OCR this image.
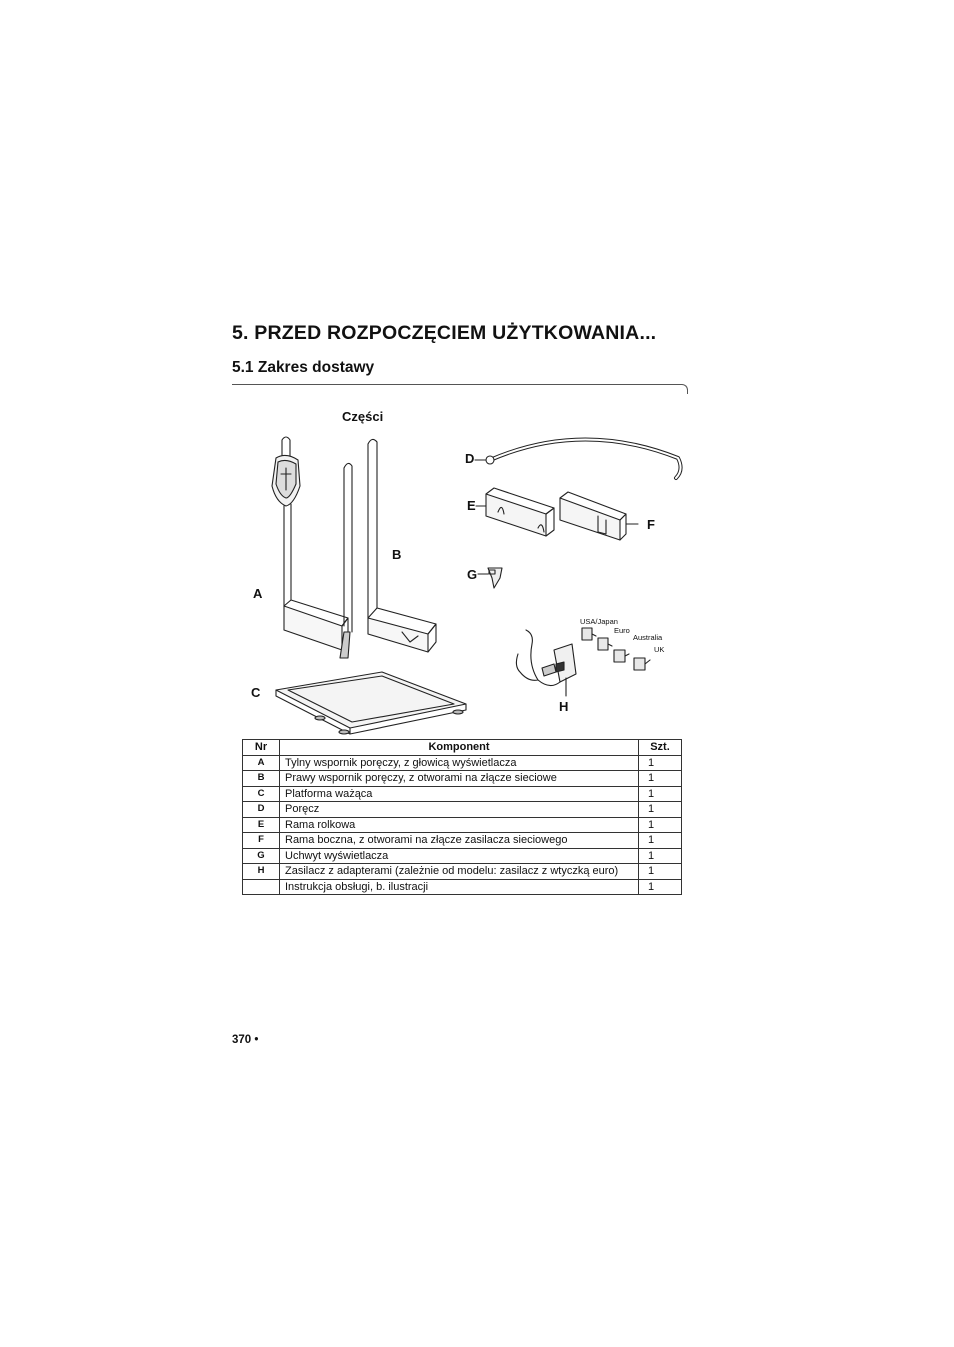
5. PRZED ROZPOCZĘCIEM UŻYTKOWANIA...
5.1 Zakres dostawy
Części
A
B
C
D
E
F
G
H
USA/Japan
Euro
Australia
UK
Nr	Komponent	Szt.
A	Tylny wspornik poręczy, z głowicą wyświetlacza	1
B	Prawy wspornik poręczy, z otworami na złącze sieciowe	1
C	Platforma ważąca	1
D	Poręcz	1
E	Rama rolkowa	1
F	Rama boczna, z otworami na złącze zasilacza sieciowego	1
G	Uchwyt wyświetlacza	1
H	Zasilacz z adapterami (zależnie od modelu: zasilacz z wtyczką euro)	1
	Instrukcja obsługi, b. ilustracji	1
370 •
